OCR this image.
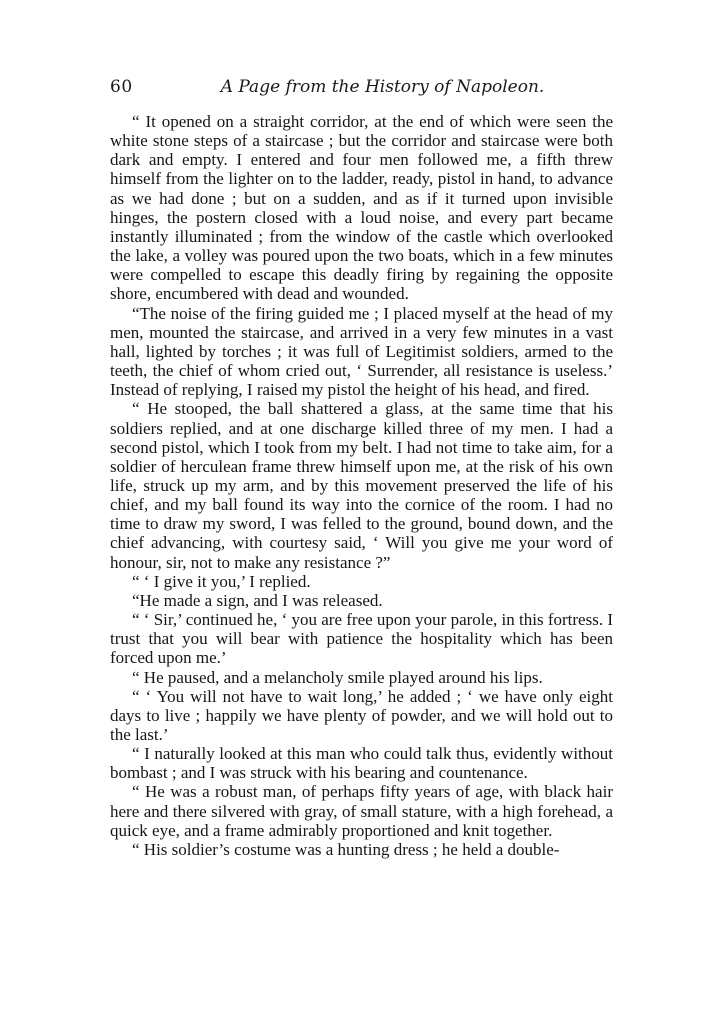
60	A Page from the History of Napoleon.

“ It opened on a straight corridor, at the end of which were seen the white stone steps of a staircase ; but the corridor and staircase were both dark and empty. I entered and four men followed me, a fifth threw himself from the lighter on to the ladder, ready, pistol in hand, to advance as we had done ; but on a sudden, and as if it turned upon invisible hinges, the postern closed with a loud noise, and every part became instantly illuminated ; from the window of the castle which overlooked the lake, a volley was poured upon the two boats, which in a few minutes were compelled to escape this deadly firing by regaining the opposite shore, encumbered with dead and wounded.

“The noise of the firing guided me ; I placed myself at the head of my men, mounted the staircase, and arrived in a very few minutes in a vast hall, lighted by torches ; it was full of Legitimist soldiers, armed to the teeth, the chief of whom cried out, ‘ Surrender, all resistance is useless.’ Instead of replying, I raised my pistol the height of his head, and fired.

“ He stooped, the ball shattered a glass, at the same time that his soldiers replied, and at one discharge killed three of my men. I had a second pistol, which I took from my belt. I had not time to take aim, for a soldier of herculean frame threw himself upon me, at the risk of his own life, struck up my arm, and by this movement preserved the life of his chief, and my ball found its way into the cornice of the room. I had no time to draw my sword, I was felled to the ground, bound down, and the chief advancing, with courtesy said, ‘ Will you give me your word of honour, sir, not to make any resistance ?”

“ ‘ I give it you,’ I replied.

“He made a sign, and I was released.

“ ‘ Sir,’ continued he, ‘ you are free upon your parole, in this fortress. I trust that you will bear with patience the hospitality which has been forced upon me.’

“ He paused, and a melancholy smile played around his lips.

“ ‘ You will not have to wait long,’ he added ; ‘ we have only eight days to live ; happily we have plenty of powder, and we will hold out to the last.’

“ I naturally looked at this man who could talk thus, evidently without bombast ; and I was struck with his bearing and countenance.

“ He was a robust man, of perhaps fifty years of age, with black hair here and there silvered with gray, of small stature, with a high forehead, a quick eye, and a frame admirably proportioned and knit together.

“ His soldier’s costume was a hunting dress ; he held a double-
